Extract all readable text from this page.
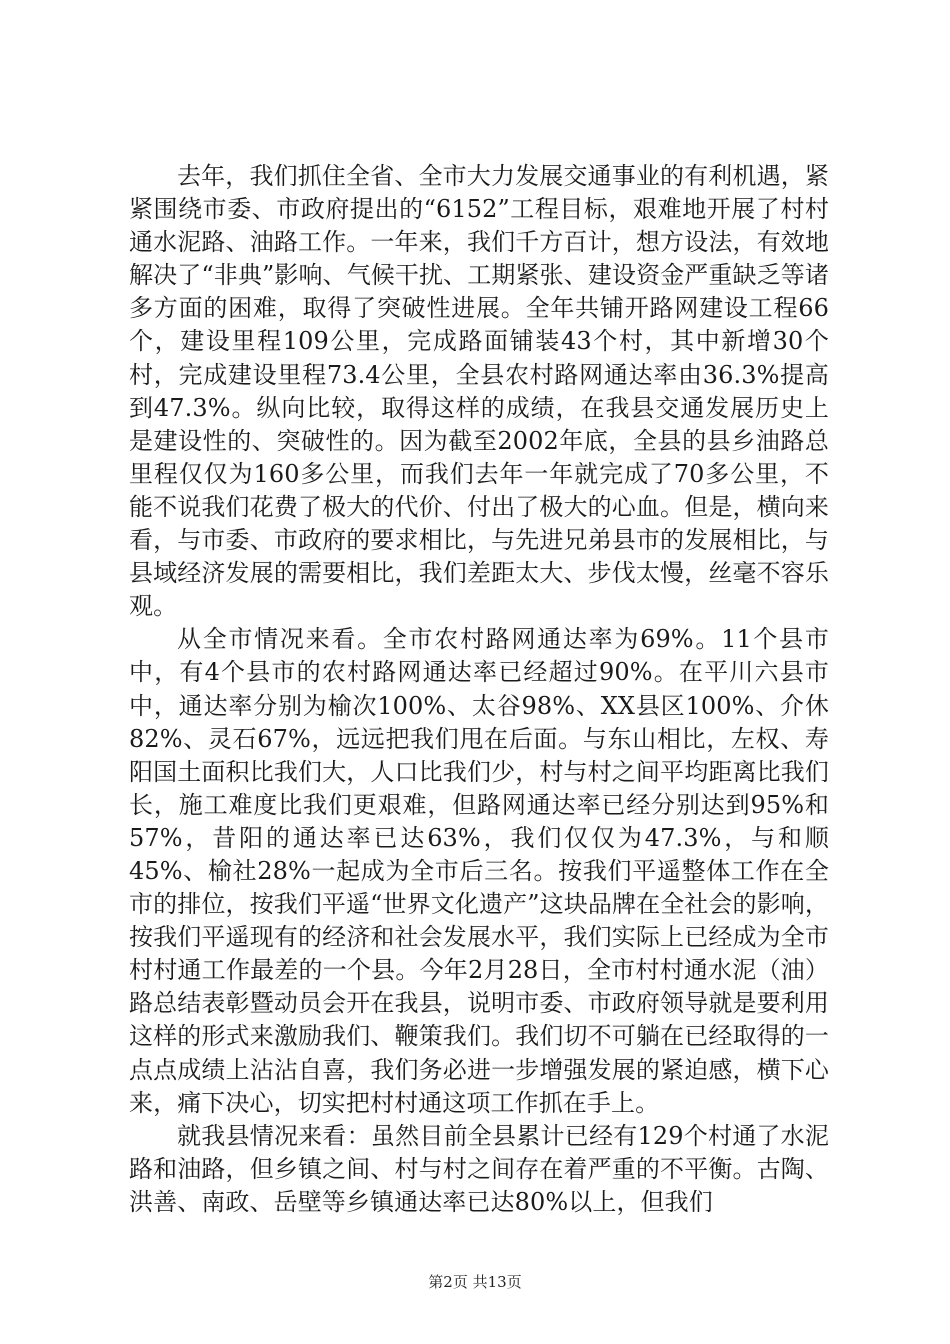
去年，我们抓住全省、全市大力发展交通事业的有利机遇，紧紧围绕市委、市政府提出的“6152”工程目标，艰难地开展了村村通水泥路、油路工作。一年来，我们千方百计，想方设法，有效地解决了“非典”影响、气候干扰、工期紧张、建设资金严重缺乏等诸多方面的困难，取得了突破性进展。全年共铺开路网建设工程66个，建设里程109公里，完成路面铺装43个村，其中新增30个村，完成建设里程73.4公里，全县农村路网通达率由36.3%提高到47.3%。纵向比较，取得这样的成绩，在我县交通发展历史上是建设性的、突破性的。因为截至2002年底，全县的县乡油路总里程仅仅为160多公里，而我们去年一年就完成了70多公里，不能不说我们花费了极大的代价、付出了极大的心血。但是，横向来看，与市委、市政府的要求相比，与先进兄弟县市的发展相比，与县域经济发展的需要相比，我们差距太大、步伐太慢，丝毫不容乐观。

从全市情况来看。全市农村路网通达率为69%。11个县市中，有4个县市的农村路网通达率已经超过90%。在平川六县市中，通达率分别为榆次100%、太谷98%、XX县区100%、介休82%、灵石67%，远远把我们甩在后面。与东山相比，左权、寿阳国土面积比我们大，人口比我们少，村与村之间平均距离比我们长，施工难度比我们更艰难，但路网通达率已经分别达到95%和57%，昔阳的通达率已达63%，我们仅仅为47.3%，与和顺45%、榆社28%一起成为全市后三名。按我们平遥整体工作在全市的排位，按我们平遥“世界文化遗产”这块品牌在全社会的影响，按我们平遥现有的经济和社会发展水平，我们实际上已经成为全市村村通工作最差的一个县。今年2月28日，全市村村通水泥（油）路总结表彰暨动员会开在我县，说明市委、市政府领导就是要利用这样的形式来激励我们、鞭策我们。我们切不可躺在已经取得的一点点成绩上沾沾自喜，我们务必进一步增强发展的紧迫感，横下心来，痛下决心，切实把村村通这项工作抓在手上。

就我县情况来看：虽然目前全县累计已经有129个村通了水泥路和油路，但乡镇之间、村与村之间存在着严重的不平衡。古陶、洪善、南政、岳壁等乡镇通达率已达80%以上，但我们

第2页 共13页
